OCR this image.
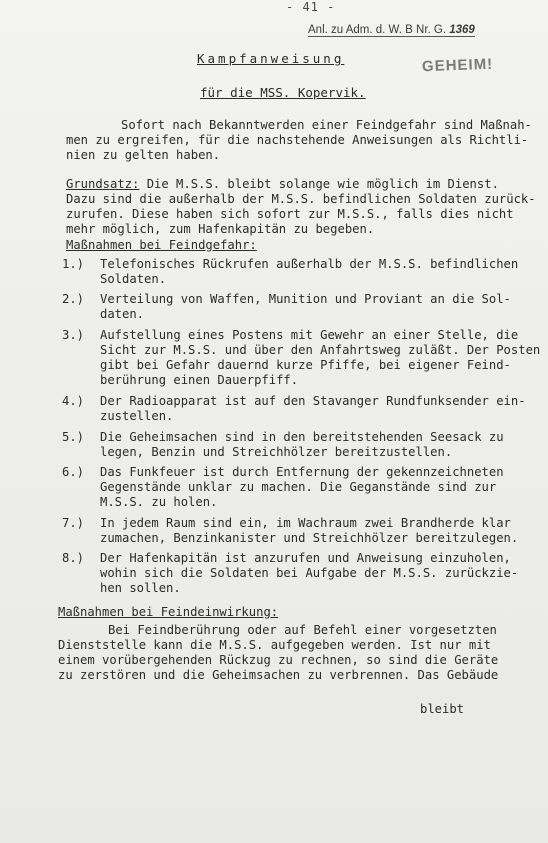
- 41 -
Anl. zu Adm. d. W. B Nr. G. 1369
Kampfanweisung	GEHEIM!
für die MSS. Kopervik.
Sofort nach Bekanntwerden einer Feindgefahr sind Maßnah-
men zu ergreifen, für die nachstehende Anweisungen als Richtli-
nien zu gelten haben.
Grundsatz: Die M.S.S. bleibt solange wie möglich im Dienst.
Dazu sind die außerhalb der M.S.S. befindlichen Soldaten zurück-
zurufen. Diese haben sich sofort zur M.S.S., falls dies nicht
mehr möglich, zum Hafenkapitän zu begeben.
Maßnahmen bei Feindgefahr:
1.) Telefonisches Rückrufen außerhalb der M.S.S. befindlichen
Soldaten.
2.) Verteilung von Waffen, Munition und Proviant an die Sol-
daten.
3.) Aufstellung eines Postens mit Gewehr an einer Stelle, die
Sicht zur M.S.S. und über den Anfahrtsweg zuläßt. Der Posten
gibt bei Gefahr dauernd kurze Pfiffe, bei eigener Feind-
berührung einen Dauerpfiff.
4.) Der Radioapparat ist auf den Stavanger Rundfunksender ein-
zustellen.
5.) Die Geheimsachen sind in den bereitstehenden Seesack zu
legen, Benzin und Streichhölzer bereitzustellen.
6.) Das Funkfeuer ist durch Entfernung der gekennzeichneten
Gegenstände unklar zu machen. Die Geganstände sind zur
M.S.S. zu holen.
7.) In jedem Raum sind ein, im Wachraum zwei Brandherde klar
zumachen, Benzinkanister und Streichhölzer bereitzulegen.
8.) Der Hafenkapitän ist anzurufen und Anweisung einzuholen,
wohin sich die Soldaten bei Aufgabe der M.S.S. zurückzie-
hen sollen.
Maßnahmen bei Feindeinwirkung:
Bei Feindberührung oder auf Befehl einer vorgesetzten
Dienststelle kann die M.S.S. aufgegeben werden. Ist nur mit
einem vorübergehenden Rückzug zu rechnen, so sind die Geräte
zu zerstören und die Geheimsachen zu verbrennen. Das Gebäude
bleibt
